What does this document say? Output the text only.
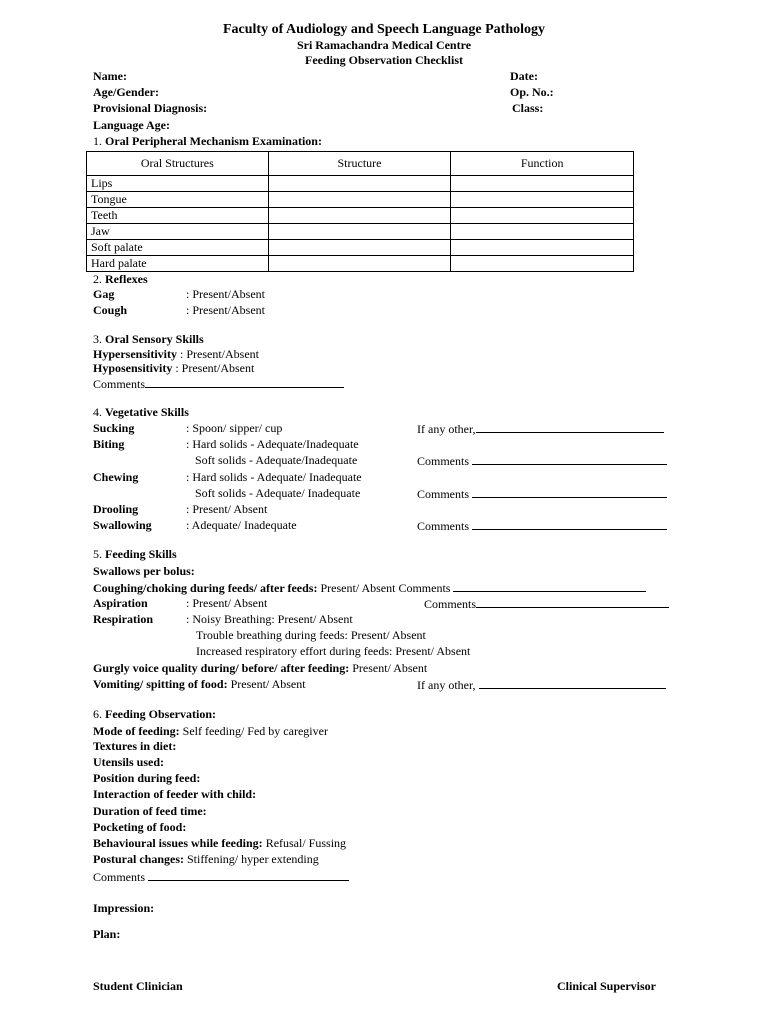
Faculty of Audiology and Speech Language Pathology
Sri Ramachandra Medical Centre
Feeding Observation Checklist
Name:
Age/Gender:
Provisional Diagnosis:
Language Age:
Date:
Op. No.:
Class:
1. Oral Peripheral Mechanism Examination:
Oral Structures	Structure	Function
Lips		
Tongue		
Teeth		
Jaw		
Soft palate		
Hard palate		
2. Reflexes
Gag	: Present/Absent
Cough	: Present/Absent
3. Oral Sensory Skills
Hypersensitivity : Present/Absent
Hyposensitivity : Present/Absent
Comments
4. Vegetative Skills
Sucking	: Spoon/ sipper/ cup	If any other,
Biting	: Hard solids - Adequate/Inadequate
Soft solids - Adequate/Inadequate	Comments
Chewing	: Hard solids - Adequate/ Inadequate
Soft solids - Adequate/ Inadequate	Comments
Drooling	: Present/ Absent
Swallowing	: Adequate/ Inadequate	Comments
5. Feeding Skills
Swallows per bolus:
Coughing/choking during feeds/ after feeds: Present/ Absent Comments
Aspiration	: Present/ Absent	Comments
Respiration	: Noisy Breathing: Present/ Absent
Trouble breathing during feeds: Present/ Absent
Increased respiratory effort during feeds: Present/ Absent
Gurgly voice quality during/ before/ after feeding: Present/ Absent
Vomiting/ spitting of food: Present/ Absent	If any other,
6. Feeding Observation:
Mode of feeding: Self feeding/ Fed by caregiver
Textures in diet:
Utensils used:
Position during feed:
Interaction of feeder with child:
Duration of feed time:
Pocketing of food:
Behavioural issues while feeding: Refusal/ Fussing
Postural changes: Stiffening/ hyper extending
Comments
Impression:
Plan:
Student Clinician	Clinical Supervisor
